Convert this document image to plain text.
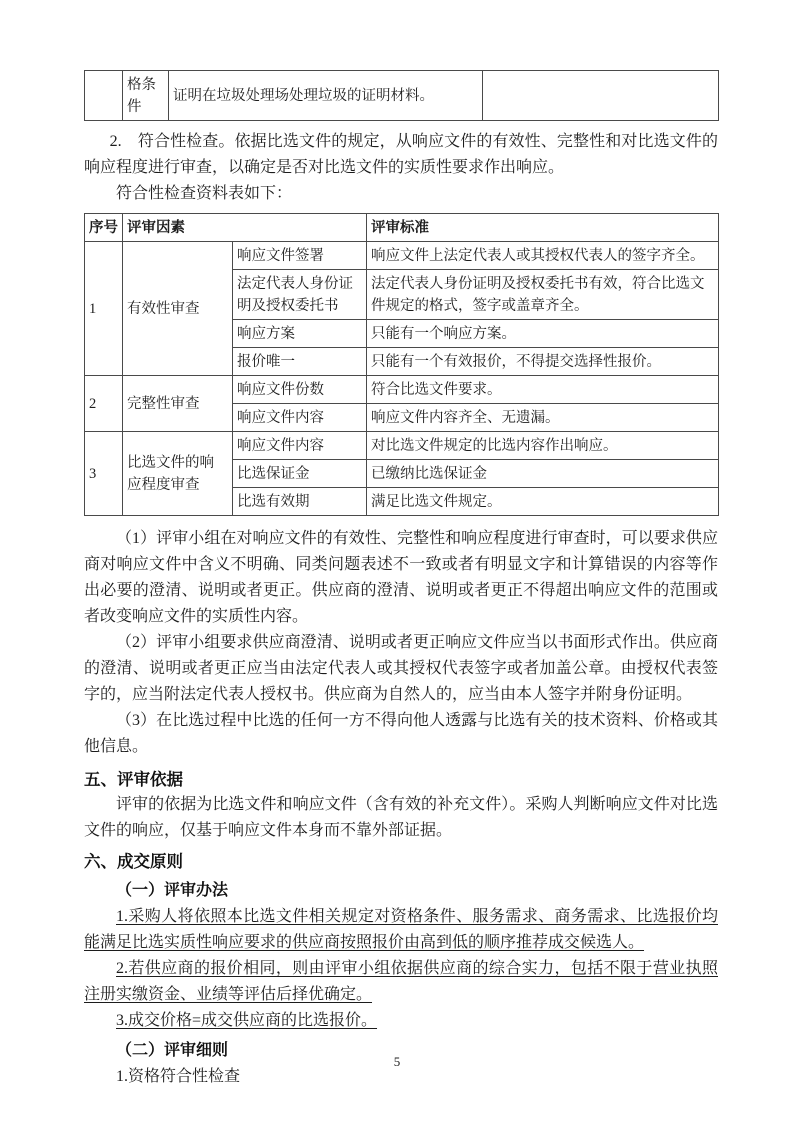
	格条件	证明在垃圾处理场处理垃圾的证明材料。	

2.　符合性检查。依据比选文件的规定，从响应文件的有效性、完整性和对比选文件的响应程度进行审查，以确定是否对比选文件的实质性要求作出响应。

符合性检查资料表如下：

序号	评审因素		评审标准
1	有效性审查	响应文件签署	响应文件上法定代表人或其授权代表人的签字齐全。
		法定代表人身份证明及授权委托书	法定代表人身份证明及授权委托书有效，符合比选文件规定的格式，签字或盖章齐全。
		响应方案	只能有一个响应方案。
		报价唯一	只能有一个有效报价，不得提交选择性报价。
2	完整性审查	响应文件份数	符合比选文件要求。
		响应文件内容	响应文件内容齐全、无遗漏。
3	比选文件的响应程度审查	响应文件内容	对比选文件规定的比选内容作出响应。
		比选保证金	已缴纳比选保证金
		比选有效期	满足比选文件规定。

（1）评审小组在对响应文件的有效性、完整性和响应程度进行审查时，可以要求供应商对响应文件中含义不明确、同类问题表述不一致或者有明显文字和计算错误的内容等作出必要的澄清、说明或者更正。供应商的澄清、说明或者更正不得超出响应文件的范围或者改变响应文件的实质性内容。

（2）评审小组要求供应商澄清、说明或者更正响应文件应当以书面形式作出。供应商的澄清、说明或者更正应当由法定代表人或其授权代表签字或者加盖公章。由授权代表签字的，应当附法定代表人授权书。供应商为自然人的，应当由本人签字并附身份证明。

（3）在比选过程中比选的任何一方不得向他人透露与比选有关的技术资料、价格或其他信息。

五、评审依据

评审的依据为比选文件和响应文件（含有效的补充文件）。采购人判断响应文件对比选文件的响应，仅基于响应文件本身而不靠外部证据。

六、成交原则
（一）评审办法

1.采购人将依照本比选文件相关规定对资格条件、服务需求、商务需求、比选报价均能满足比选实质性响应要求的供应商按照报价由高到低的顺序推荐成交候选人。

2.若供应商的报价相同，则由评审小组依据供应商的综合实力，包括不限于营业执照注册实缴资金、业绩等评估后择优确定。

3.成交价格=成交供应商的比选报价。

（二）评审细则

1.资格符合性检查

5
